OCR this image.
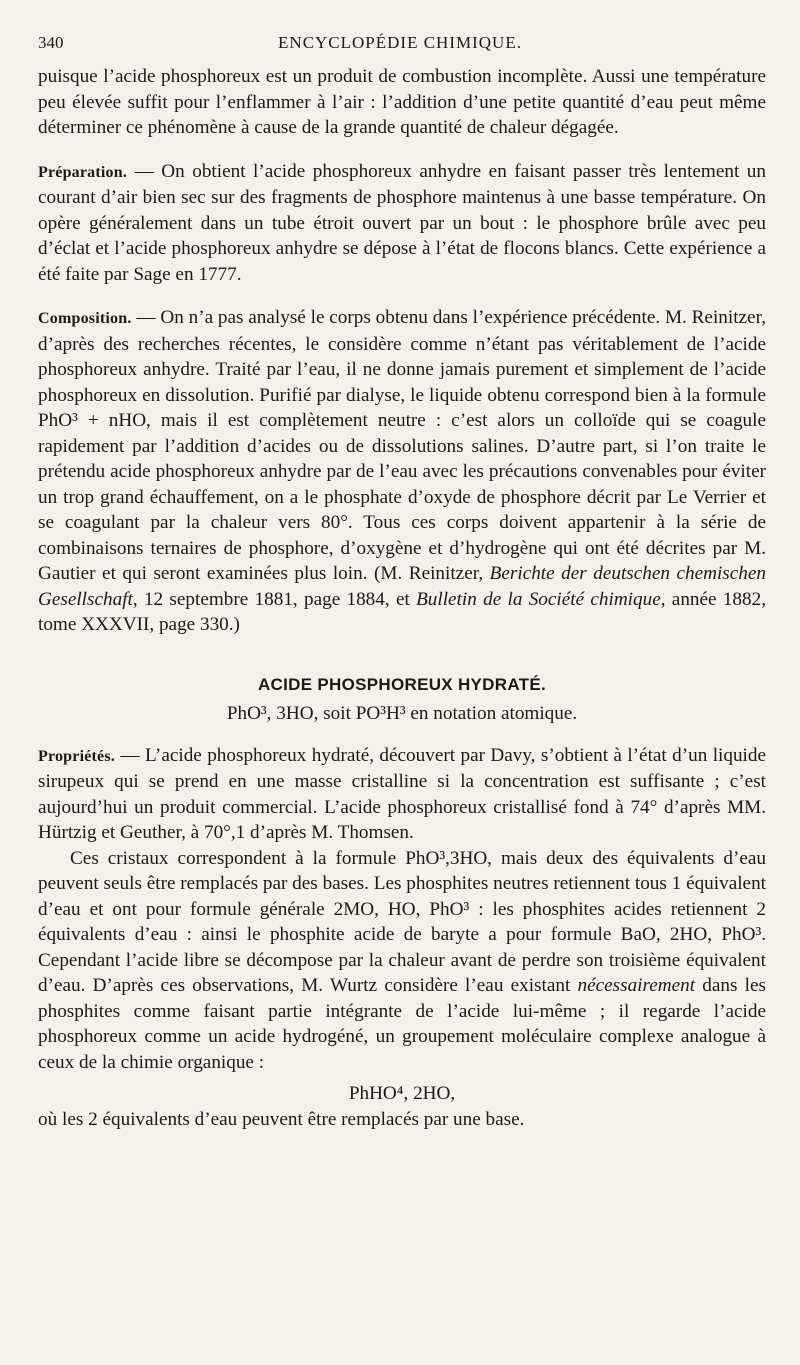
340	ENCYCLOPÉDIE CHIMIQUE.

puisque l’acide phosphoreux est un produit de combustion incomplète. Aussi une température peu élevée suffit pour l’enflammer à l’air : l’addition d’une petite quantité d’eau peut même déterminer ce phénomène à cause de la grande quantité de chaleur dégagée.

Préparation. — On obtient l’acide phosphoreux anhydre en faisant passer très lentement un courant d’air bien sec sur des fragments de phosphore maintenus à une basse température. On opère généralement dans un tube étroit ouvert par un bout : le phosphore brûle avec peu d’éclat et l’acide phosphoreux anhydre se dépose à l’état de flocons blancs. Cette expérience a été faite par Sage en 1777.

Composition. — On n’a pas analysé le corps obtenu dans l’expérience précédente. M. Reinitzer, d’après des recherches récentes, le considère comme n’étant pas véritablement de l’acide phosphoreux anhydre. Traité par l’eau, il ne donne jamais purement et simplement de l’acide phosphoreux en dissolution. Purifié par dialyse, le liquide obtenu correspond bien à la formule PhO³ + nHO, mais il est complètement neutre : c’est alors un colloïde qui se coagule rapidement par l’addition d’acides ou de dissolutions salines. D’autre part, si l’on traite le prétendu acide phosphoreux anhydre par de l’eau avec les précautions convenables pour éviter un trop grand échauffement, on a le phosphate d’oxyde de phosphore décrit par Le Verrier et se coagulant par la chaleur vers 80°. Tous ces corps doivent appartenir à la série de combinaisons ternaires de phosphore, d’oxygène et d’hydrogène qui ont été décrites par M. Gautier et qui seront examinées plus loin. (M. Reinitzer, Berichte der deutschen chemischen Gesellschaft, 12 septembre 1881, page 1884, et Bulletin de la Société chimique, année 1882, tome XXXVII, page 330.)

ACIDE PHOSPHOREUX HYDRATÉ.
PhO³, 3HO, soit PO³H³ en notation atomique.

Propriétés. — L’acide phosphoreux hydraté, découvert par Davy, s’obtient à l’état d’un liquide sirupeux qui se prend en une masse cristalline si la concentration est suffisante ; c’est aujourd’hui un produit commercial. L’acide phosphoreux cristallisé fond à 74° d’après MM. Hürtzig et Geuther, à 70°,1 d’après M. Thomsen.

Ces cristaux correspondent à la formule PhO³,3HO, mais deux des équivalents d’eau peuvent seuls être remplacés par des bases. Les phosphites neutres retiennent tous 1 équivalent d’eau et ont pour formule générale 2MO, HO, PhO³ : les phosphites acides retiennent 2 équivalents d’eau : ainsi le phosphite acide de baryte a pour formule BaO, 2HO, PhO³. Cependant l’acide libre se décompose par la chaleur avant de perdre son troisième équivalent d’eau. D’après ces observations, M. Wurtz considère l’eau existant nécessairement dans les phosphites comme faisant partie intégrante de l’acide lui-même ; il regarde l’acide phosphoreux comme un acide hydrogéné, un groupement moléculaire complexe analogue à ceux de la chimie organique :

PhHO⁴, 2HO,

où les 2 équivalents d’eau peuvent être remplacés par une base.
